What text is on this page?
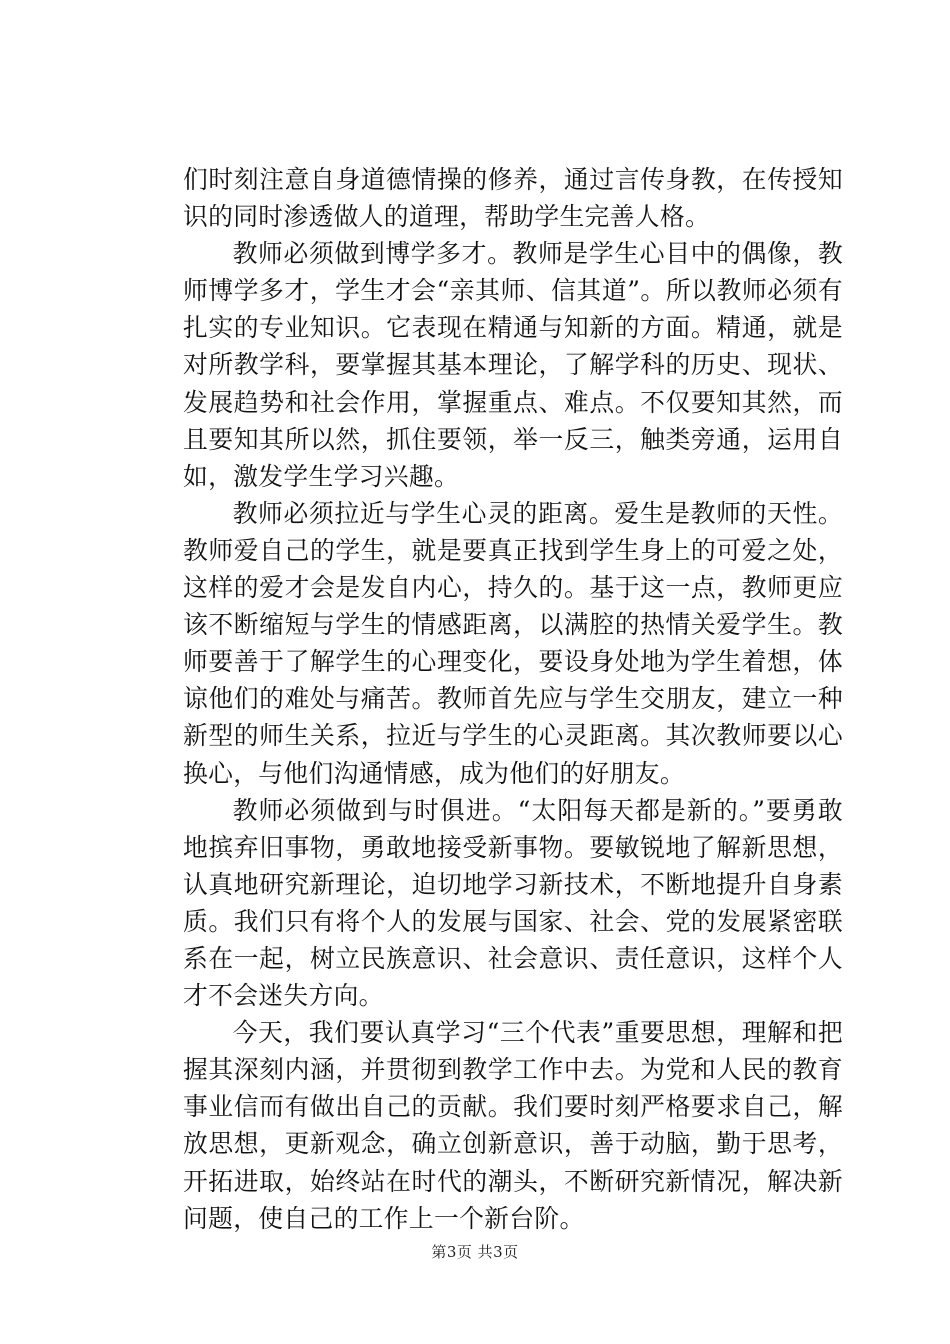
们时刻注意自身道德情操的修养，通过言传身教，在传授知识的同时渗透做人的道理，帮助学生完善人格。

教师必须做到博学多才。教师是学生心目中的偶像，教师博学多才，学生才会“亲其师、信其道”。所以教师必须有扎实的专业知识。它表现在精通与知新的方面。精通，就是对所教学科，要掌握其基本理论，了解学科的历史、现状、发展趋势和社会作用，掌握重点、难点。不仅要知其然，而且要知其所以然，抓住要领，举一反三，触类旁通，运用自如，激发学生学习兴趣。

教师必须拉近与学生心灵的距离。爱生是教师的天性。教师爱自己的学生，就是要真正找到学生身上的可爱之处，这样的爱才会是发自内心，持久的。基于这一点，教师更应该不断缩短与学生的情感距离，以满腔的热情关爱学生。教师要善于了解学生的心理变化，要设身处地为学生着想，体谅他们的难处与痛苦。教师首先应与学生交朋友，建立一种新型的师生关系，拉近与学生的心灵距离。其次教师要以心换心，与他们沟通情感，成为他们的好朋友。

教师必须做到与时俱进。“太阳每天都是新的。”要勇敢地摈弃旧事物，勇敢地接受新事物。要敏锐地了解新思想，认真地研究新理论，迫切地学习新技术，不断地提升自身素质。我们只有将个人的发展与国家、社会、党的发展紧密联系在一起，树立民族意识、社会意识、责任意识，这样个人才不会迷失方向。

今天，我们要认真学习“三个代表”重要思想，理解和把握其深刻内涵，并贯彻到教学工作中去。为党和人民的教育事业信而有做出自己的贡献。我们要时刻严格要求自己，解放思想，更新观念，确立创新意识，善于动脑，勤于思考，开拓进取，始终站在时代的潮头，不断研究新情况，解决新问题，使自己的工作上一个新台阶。

第3页 共3页
